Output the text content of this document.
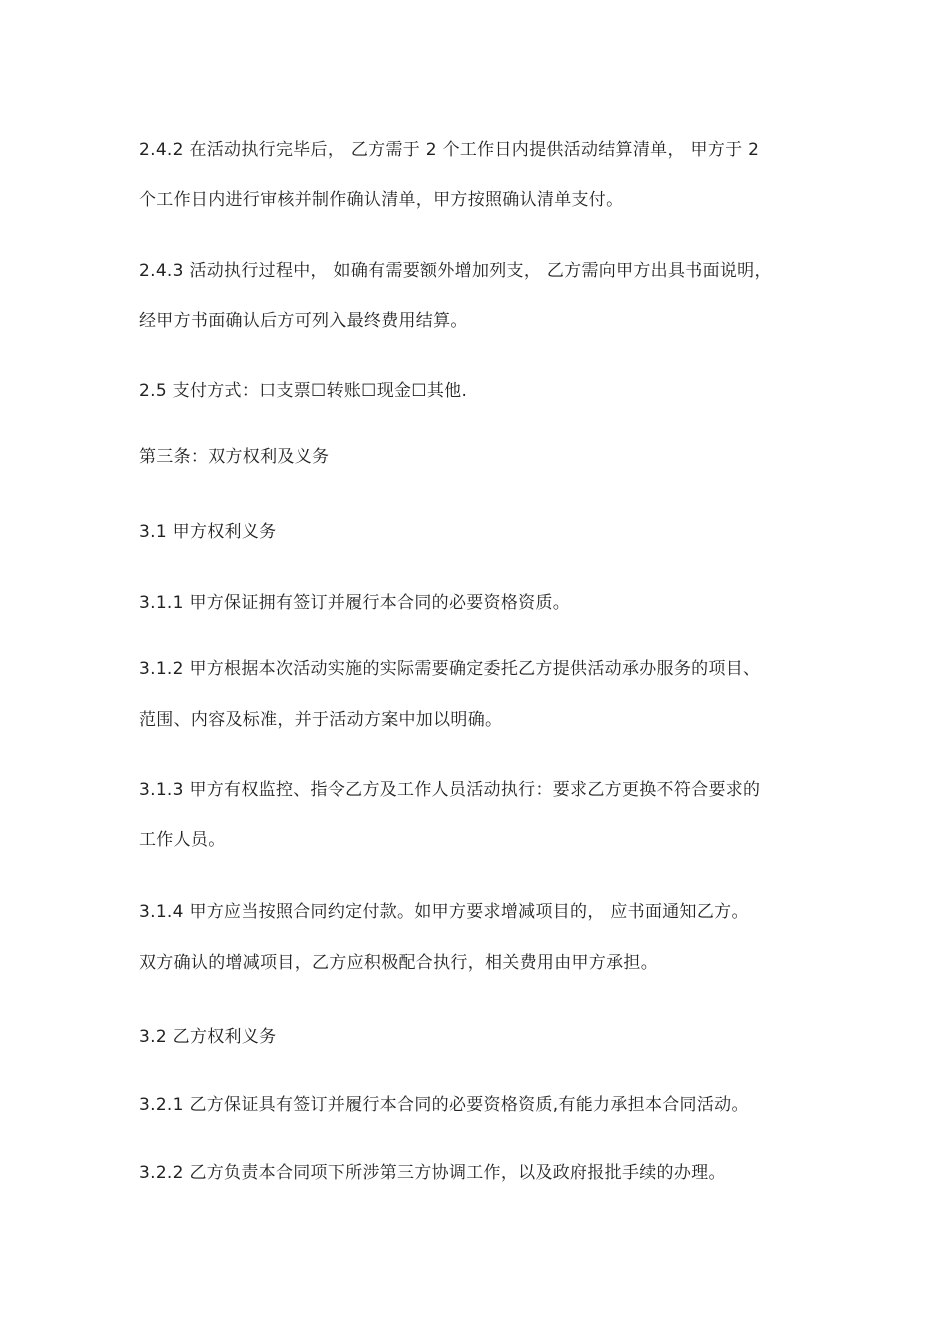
2.4.2 在活动执行完毕后， 乙方需于 2 个工作日内提供活动结算清单， 甲方于 2
个工作日内进行审核并制作确认清单，甲方按照确认清单支付。
2.4.3 活动执行过程中， 如确有需要额外增加列支， 乙方需向甲方出具书面说明，
经甲方书面确认后方可列入最终费用结算。
2.5 支付方式：口支票☐转账☐现金☐其他.
第三条：双方权利及义务
3.1 甲方权利义务
3.1.1 甲方保证拥有签订并履行本合同的必要资格资质。
3.1.2 甲方根据本次活动实施的实际需要确定委托乙方提供活动承办服务的项目、
范围、内容及标准，并于活动方案中加以明确。
3.1.3 甲方有权监控、指令乙方及工作人员活动执行：要求乙方更换不符合要求的
工作人员。
3.1.4 甲方应当按照合同约定付款。如甲方要求增减项目的， 应书面通知乙方。
双方确认的增减项目，乙方应积极配合执行，相关费用由甲方承担。
3.2 乙方权利义务
3.2.1 乙方保证具有签订并履行本合同的必要资格资质,有能力承担本合同活动。
3.2.2 乙方负责本合同项下所涉第三方协调工作，以及政府报批手续的办理。
